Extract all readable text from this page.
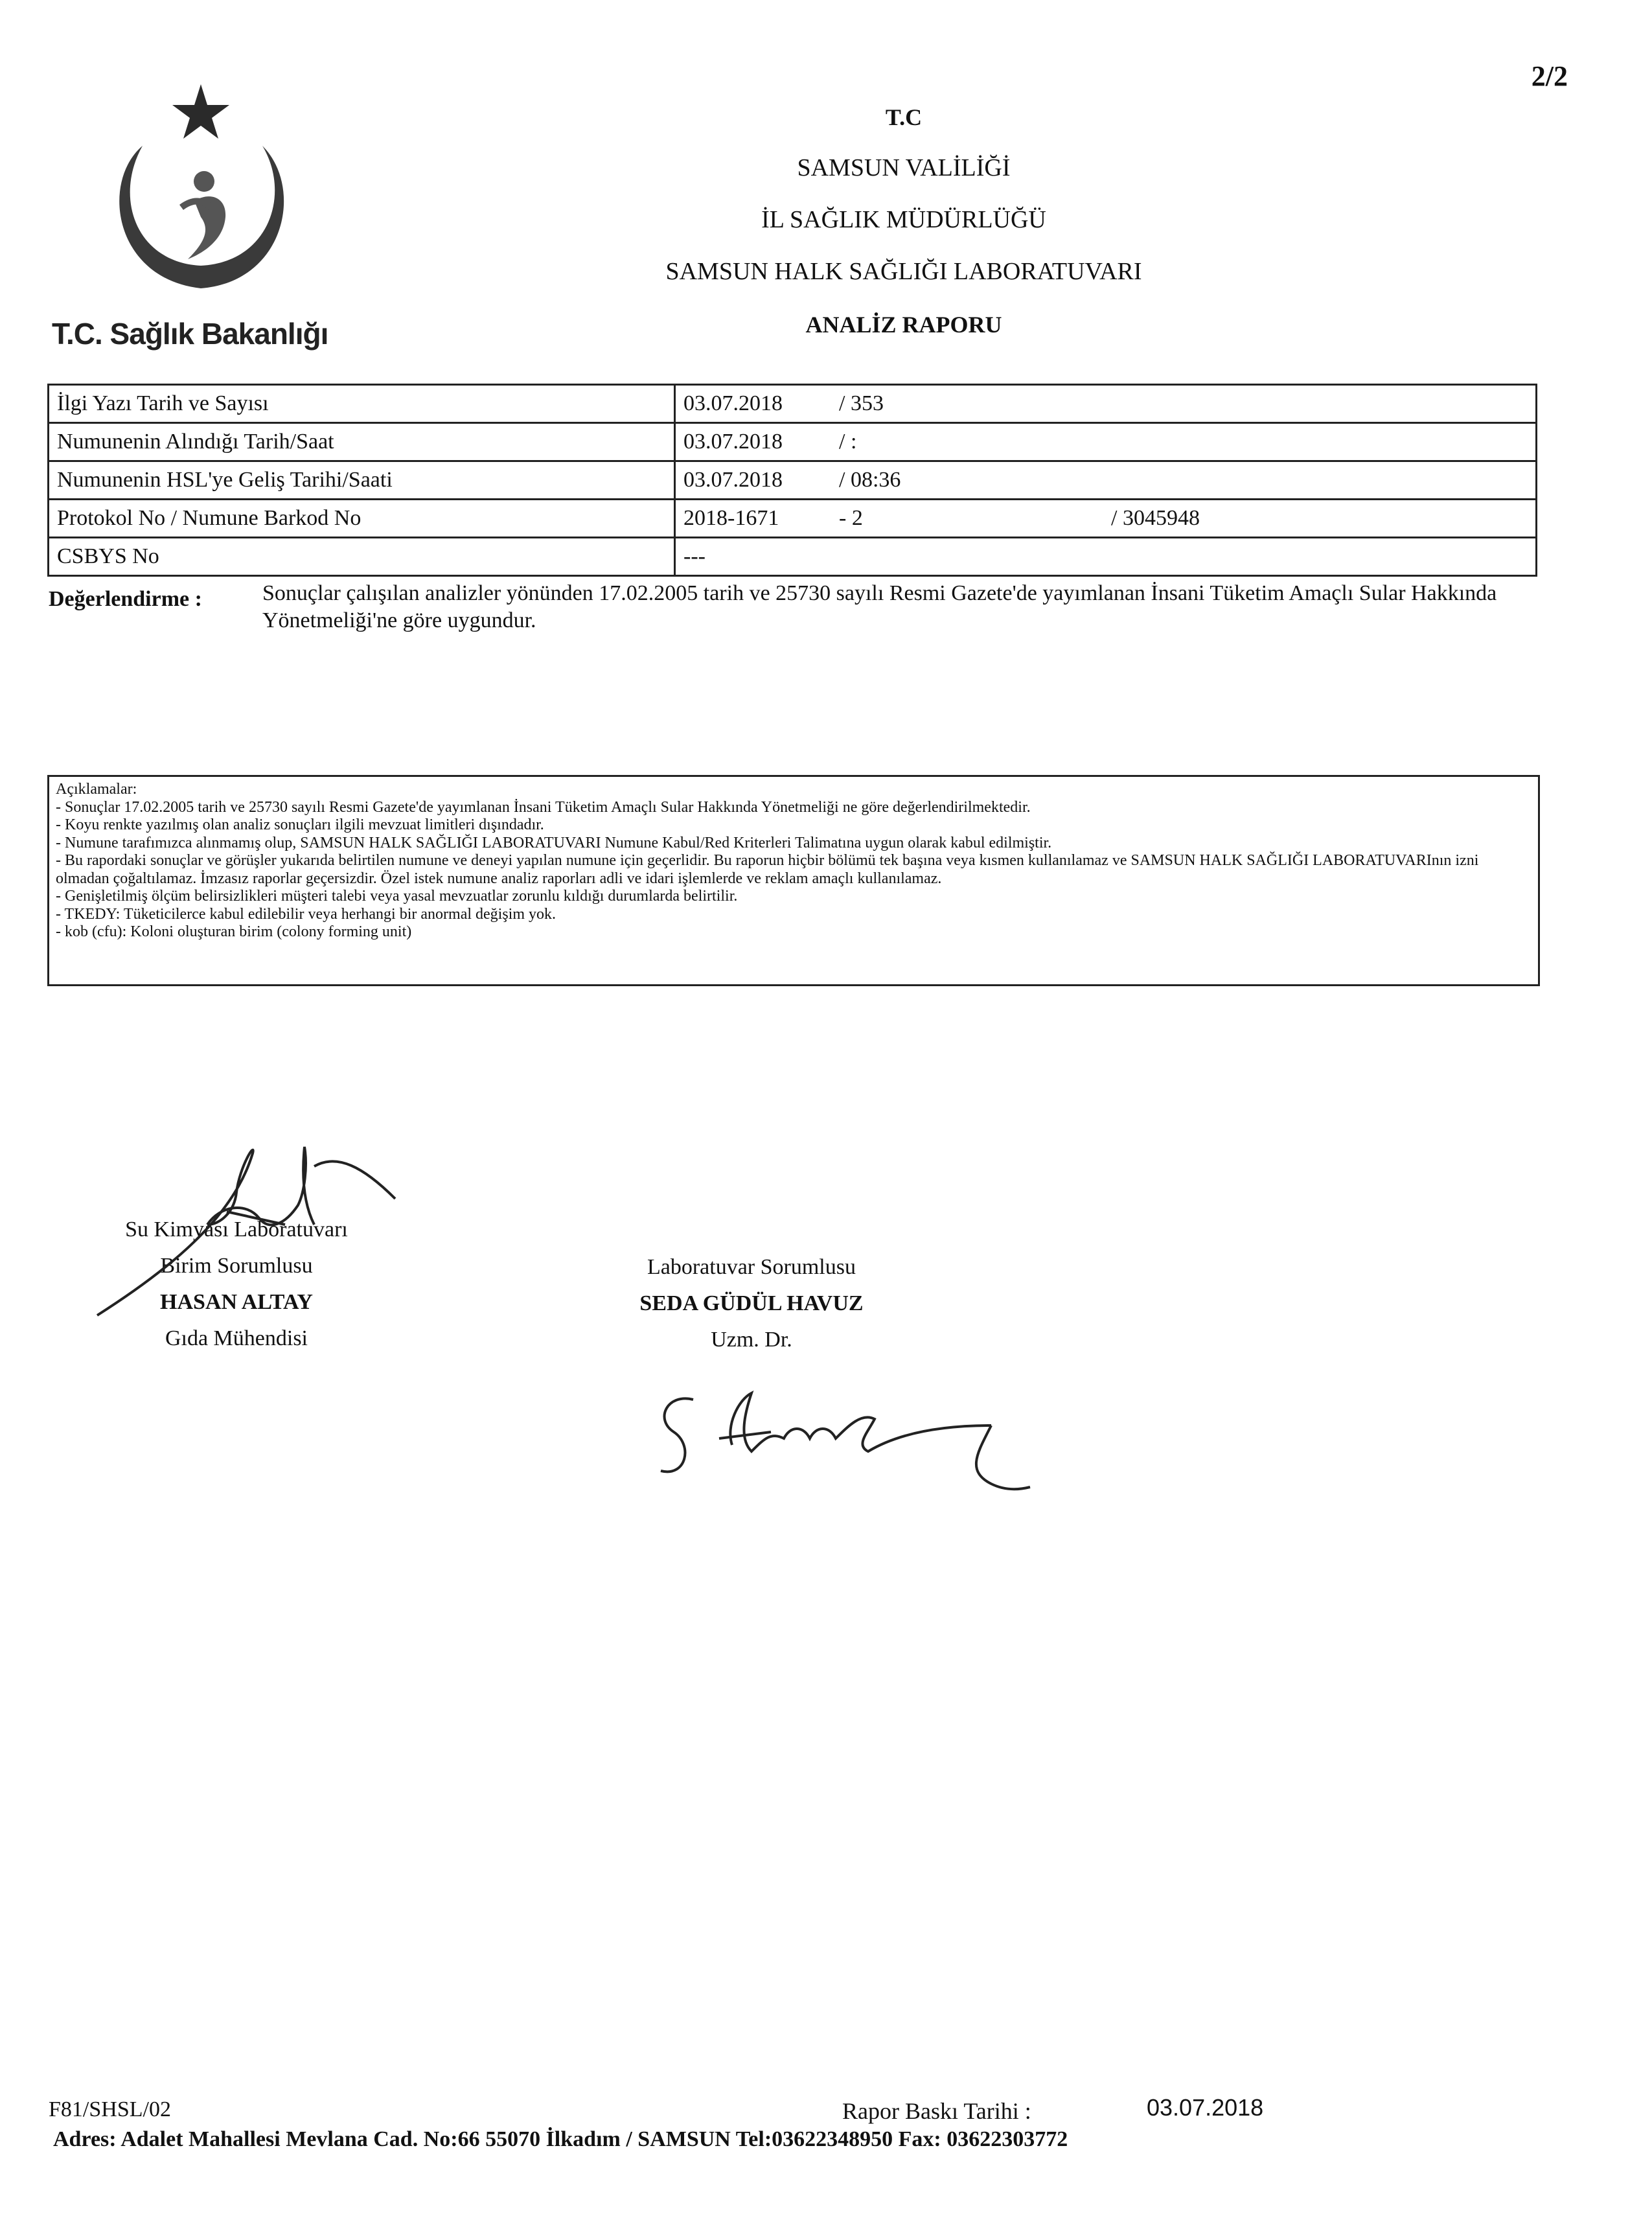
T.C. Sağlık Bakanlığı
2/2
T.C
SAMSUN VALİLİĞİ
İL SAĞLIK MÜDÜRLÜĞÜ
SAMSUN HALK SAĞLIĞI LABORATUVARI
ANALİZ RAPORU
İlgi Yazı Tarih ve Sayısı	03.07.2018 / 353
Numunenin Alındığı Tarih/Saat	03.07.2018 / :
Numunenin HSL'ye Geliş Tarihi/Saati	03.07.2018 / 08:36
Protokol No / Numune Barkod No	2018-1671 - 2 / 3045948
CSBYS No	---
Değerlendirme :	Sonuçlar çalışılan analizler yönünden 17.02.2005 tarih ve 25730 sayılı Resmi Gazete'de yayımlanan İnsani Tüketim Amaçlı Sular Hakkında Yönetmeliği'ne göre uygundur.
Açıklamalar:
- Sonuçlar 17.02.2005 tarih ve 25730 sayılı Resmi Gazete'de yayımlanan İnsani Tüketim Amaçlı Sular Hakkında Yönetmeliği ne göre değerlendirilmektedir.
- Koyu renkte yazılmış olan analiz sonuçları ilgili mevzuat limitleri dışındadır.
- Numune tarafımızca alınmamış olup, SAMSUN HALK SAĞLIĞI LABORATUVARI Numune Kabul/Red Kriterleri Talimatına uygun olarak kabul edilmiştir.
- Bu rapordaki sonuçlar ve görüşler yukarıda belirtilen numune ve deneyi yapılan numune için geçerlidir. Bu raporun hiçbir bölümü tek başına veya kısmen kullanılamaz ve SAMSUN HALK SAĞLIĞI LABORATUVARInın izni olmadan çoğaltılamaz. İmzasız raporlar geçersizdir. Özel istek numune analiz raporları adli ve idari işlemlerde ve reklam amaçlı kullanılamaz.
- Genişletilmiş ölçüm belirsizlikleri müşteri talebi veya yasal mevzuatlar zorunlu kıldığı durumlarda belirtilir.
- TKEDY: Tüketicilerce kabul edilebilir veya herhangi bir anormal değişim yok.
- kob (cfu): Koloni oluşturan birim (colony forming unit)
Su Kimyası Laboratuvarı
Birim Sorumlusu
HASAN ALTAY
Gıda Mühendisi
Laboratuvar Sorumlusu
SEDA GÜDÜL HAVUZ
Uzm. Dr.
F81/SHSL/02	Rapor Baskı Tarihi :	03.07.2018
Adres: Adalet Mahallesi Mevlana Cad. No:66 55070 İlkadım / SAMSUN Tel:03622348950 Fax: 03622303772
